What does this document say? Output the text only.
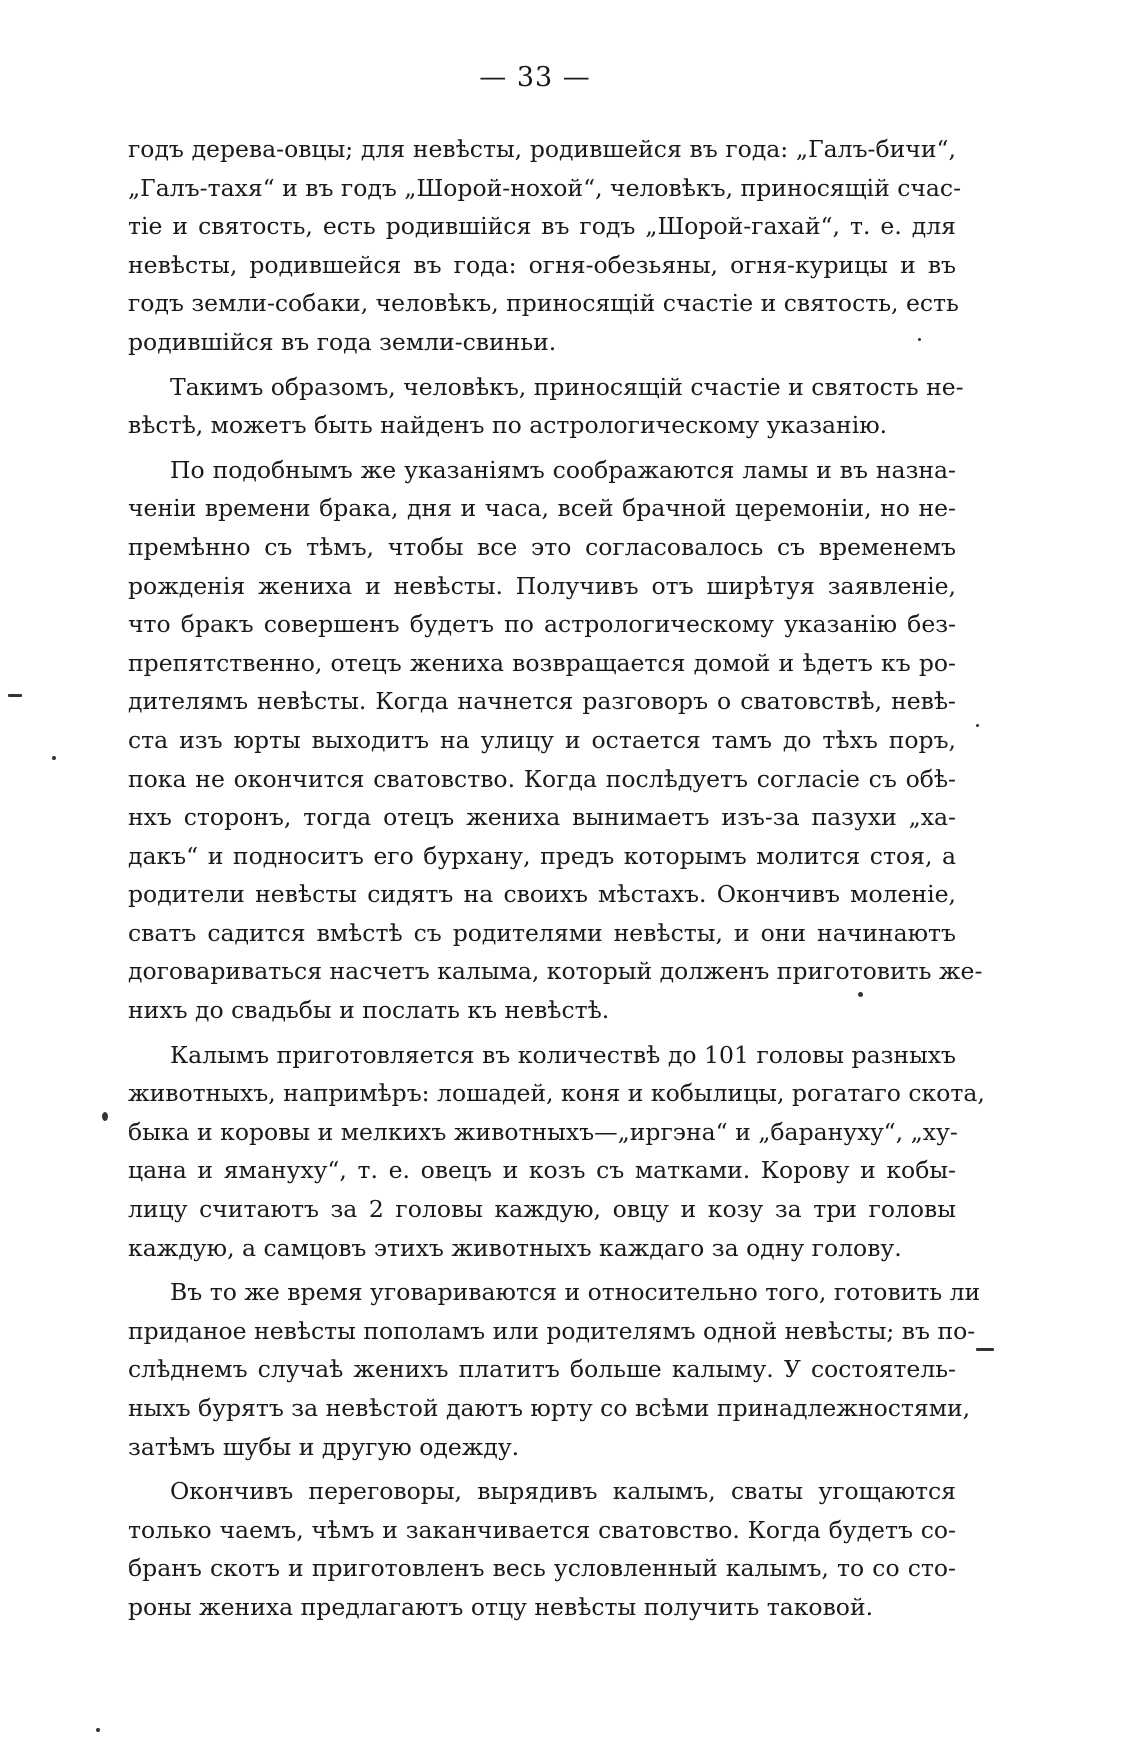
— 33 —
годъ дерева-овцы; для невѣсты, родившейся въ года: „Галъ-бичи“,
„Галъ-тахя“ и въ годъ „Шорой-нохой“, человѣкъ, приносящій счас-
тіе и святость, есть родившійся въ годъ „Шорой-гахай“, т. е. для
невѣсты, родившейся въ года: огня-обезьяны, огня-курицы и въ
годъ земли-собаки, человѣкъ, приносящій счастіе и святость, есть
родившійся въ года земли-свиньи.
Такимъ образомъ, человѣкъ, приносящій счастіе и святость не-
вѣстѣ, можетъ быть найденъ по астрологическому указанію.
По подобнымъ же указаніямъ соображаются ламы и въ назна-
ченіи времени брака, дня и часа, всей брачной церемоніи, но не-
премѣнно съ тѣмъ, чтобы все это согласовалось съ временемъ
рожденія жениха и невѣсты. Получивъ отъ ширѣтуя заявленіе,
что бракъ совершенъ будетъ по астрологическому указанію без-
препятственно, отецъ жениха возвращается домой и ѣдетъ къ ро-
дителямъ невѣсты. Когда начнется разговоръ о сватовствѣ, невѣ-
ста изъ юрты выходитъ на улицу и остается тамъ до тѣхъ поръ,
пока не окончится сватовство. Когда послѣдуетъ согласіе съ обѣ-
нхъ сторонъ, тогда отецъ жениха вынимаетъ изъ-за пазухи „ха-
дакъ“ и подноситъ его бурхану, предъ которымъ молится стоя, а
родители невѣсты сидятъ на своихъ мѣстахъ. Окончивъ моленіе,
сватъ садится вмѣстѣ съ родителями невѣсты, и они начинаютъ
договариваться насчетъ калыма, который долженъ приготовить же-
нихъ до свадьбы и послать къ невѣстѣ.
Калымъ приготовляется въ количествѣ до 101 головы разныхъ
животныхъ, напримѣръ: лошадей, коня и кобылицы, рогатаго скота,
быка и коровы и мелкихъ животныхъ—„иргэна“ и „баранухy“, „ху-
цана и ямануху“, т. е. овецъ и козъ съ матками. Корову и кобы-
лицу считаютъ за 2 головы каждую, овцу и козу за три головы
каждую, а самцовъ этихъ животныхъ каждаго за одну голову.
Въ то же время уговариваются и относительно того, готовить ли
приданое невѣсты пополамъ или родителямъ одной невѣсты; въ по-
слѣднемъ случаѣ женихъ платитъ больше калыму. У состоятель-
ныхъ бурятъ за невѣстой даютъ юрту со всѣми принадлежностями,
затѣмъ шубы и другую одежду.
Окончивъ переговоры, вырядивъ калымъ, сваты угощаются
только чаемъ, чѣмъ и заканчивается сватовство. Когда будетъ со-
бранъ скотъ и приготовленъ весь условленный калымъ, то со сто-
роны жениха предлагаютъ отцу невѣсты получить таковой.
